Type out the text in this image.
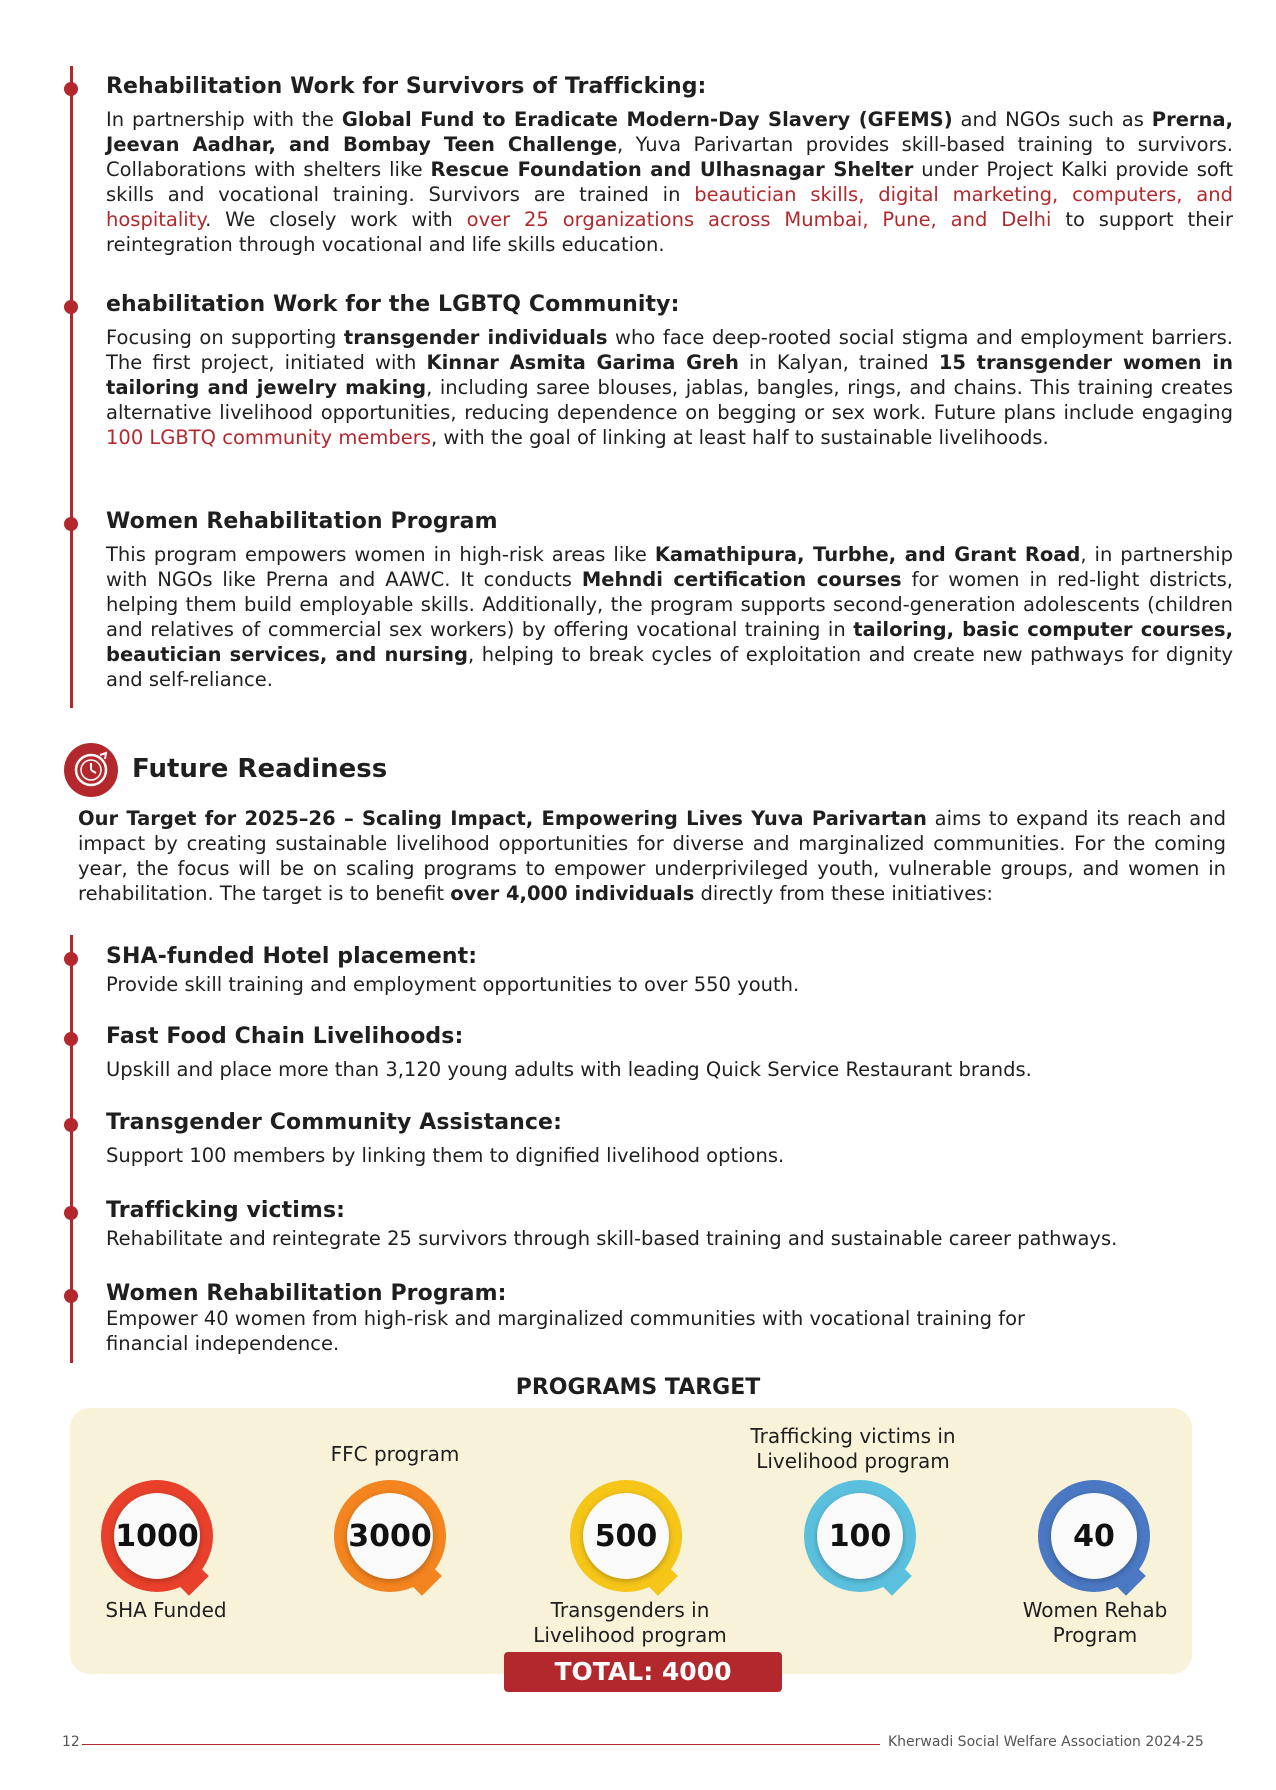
Rehabilitation Work for Survivors of Trafficking:
In partnership with the Global Fund to Eradicate Modern-Day Slavery (GFEMS) and NGOs such as Prerna, Jeevan Aadhar, and Bombay Teen Challenge, Yuva Parivartan provides skill-based training to survivors. Collaborations with shelters like Rescue Foundation and Ulhasnagar Shelter under Project Kalki provide soft skills and vocational training. Survivors are trained in beautician skills, digital marketing, computers, and hospitality. We closely work with over 25 organizations across Mumbai, Pune, and Delhi to support their reintegration through vocational and life skills education.
ehabilitation Work for the LGBTQ Community:
Focusing on supporting transgender individuals who face deep-rooted social stigma and employment barriers. The first project, initiated with Kinnar Asmita Garima Greh in Kalyan, trained 15 transgender women in tailoring and jewelry making, including saree blouses, jablas, bangles, rings, and chains. This training creates alternative livelihood opportunities, reducing dependence on begging or sex work. Future plans include engaging 100 LGBTQ community members, with the goal of linking at least half to sustainable livelihoods.
Women Rehabilitation Program
This program empowers women in high-risk areas like Kamathipura, Turbhe, and Grant Road, in partnership with NGOs like Prerna and AAWC. It conducts Mehndi certification courses for women in red-light districts, helping them build employable skills. Additionally, the program supports second-generation adolescents (children and relatives of commercial sex workers) by offering vocational training in tailoring, basic computer courses, beautician services, and nursing, helping to break cycles of exploitation and create new pathways for dignity and self-reliance.
Future Readiness
Our Target for 2025–26 – Scaling Impact, Empowering Lives Yuva Parivartan aims to expand its reach and impact by creating sustainable livelihood opportunities for diverse and marginalized communities. For the coming year, the focus will be on scaling programs to empower underprivileged youth, vulnerable groups, and women in rehabilitation. The target is to benefit over 4,000 individuals directly from these initiatives:
SHA-funded Hotel placement:
Provide skill training and employment opportunities to over 550 youth.
Fast Food Chain Livelihoods:
Upskill and place more than 3,120 young adults with leading Quick Service Restaurant brands.
Transgender Community Assistance:
Support 100 members by linking them to dignified livelihood options.
Trafficking victims:
Rehabilitate and reintegrate 25 survivors through skill-based training and sustainable career pathways.
Women Rehabilitation Program:
Empower 40 women from high-risk and marginalized communities with vocational training for financial independence.
PROGRAMS TARGET
1000	3000	500	100	40
SHA Funded
FFC program
Transgenders in Livelihood program
Trafficking victims in Livelihood program
Women Rehab Program
TOTAL: 4000
12	Kherwadi Social Welfare Association 2024-25
